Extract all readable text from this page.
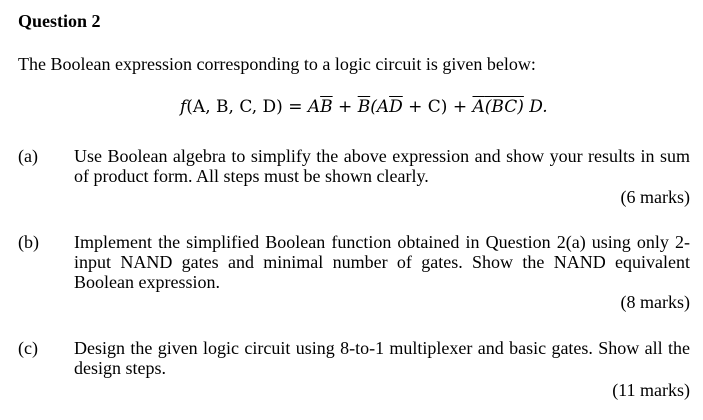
Question 2
The Boolean expression corresponding to a logic circuit is given below:
f(A, B, C, $D) = A\overline{B} + \overline{B}(A\overline{D} + C) + \overline{A}(BC)$ D.
(a) Use Boolean algebra to simplify the above expression and show your results in sum of product form. All steps must be shown clearly.
(6 marks)
(b) Implement the simplified Boolean function obtained in Question 2(a) using only 2-input NAND gates and minimal number of gates. Show the NAND equivalent Boolean expression.
(8 marks)
(c) Design the given logic circuit using 8-to-1 multiplexer and basic gates. Show all the design steps.
(11 marks)
